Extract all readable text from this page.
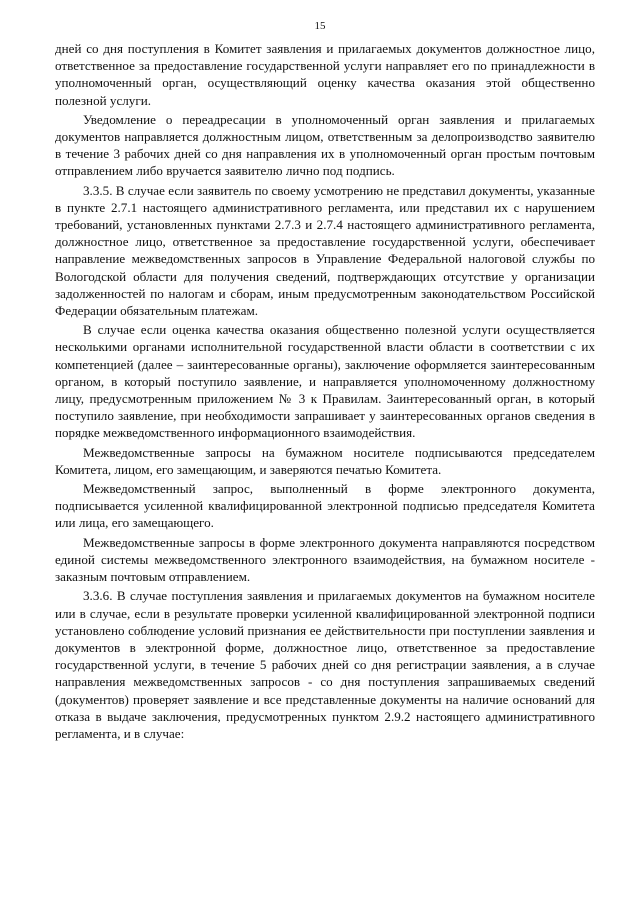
15

дней со дня поступления в Комитет заявления и прилагаемых документов должностное лицо, ответственное за предоставление государственной услуги направляет его по принадлежности в уполномоченный орган, осуществляющий оценку качества оказания этой общественно полезной услуги.

Уведомление о переадресации в уполномоченный орган заявления и прилагаемых документов направляется должностным лицом, ответственным за делопроизводство заявителю в течение 3 рабочих дней со дня направления их в уполномоченный орган простым почтовым отправлением либо вручается заявителю лично под подпись.

3.3.5. В случае если заявитель по своему усмотрению не представил документы, указанные в пункте 2.7.1 настоящего административного регламента, или представил их с нарушением требований, установленных пунктами 2.7.3 и 2.7.4 настоящего административного регламента, должностное лицо, ответственное за предоставление государственной услуги, обеспечивает направление межведомственных запросов в Управление Федеральной налоговой службы по Вологодской области для получения сведений, подтверждающих отсутствие у организации задолженностей по налогам и сборам, иным предусмотренным законодательством Российской Федерации обязательным платежам.

В случае если оценка качества оказания общественно полезной услуги осуществляется несколькими органами исполнительной государственной власти области в соответствии с их компетенцией (далее – заинтересованные органы), заключение оформляется заинтересованным органом, в который поступило заявление, и направляется уполномоченному должностному лицу, предусмотренным приложением № 3 к Правилам. Заинтересованный орган, в который поступило заявление, при необходимости запрашивает у заинтересованных органов сведения в порядке межведомственного информационного взаимодействия.

Межведомственные запросы на бумажном носителе подписываются председателем Комитета, лицом, его замещающим, и заверяются печатью Комитета.

Межведомственный запрос, выполненный в форме электронного документа, подписывается усиленной квалифицированной электронной подписью председателя Комитета или лица, его замещающего.

Межведомственные запросы в форме электронного документа направляются посредством единой системы межведомственного электронного взаимодействия, на бумажном носителе - заказным почтовым отправлением.

3.3.6. В случае поступления заявления и прилагаемых документов на бумажном носителе или в случае, если в результате проверки усиленной квалифицированной электронной подписи установлено соблюдение условий признания ее действительности при поступлении заявления и документов в электронной форме, должностное лицо, ответственное за предоставление государственной услуги, в течение 5 рабочих дней со дня регистрации заявления, а в случае направления межведомственных запросов - со дня поступления запрашиваемых сведений (документов) проверяет заявление и все представленные документы на наличие оснований для отказа в выдаче заключения, предусмотренных пунктом 2.9.2 настоящего административного регламента, и в случае:
